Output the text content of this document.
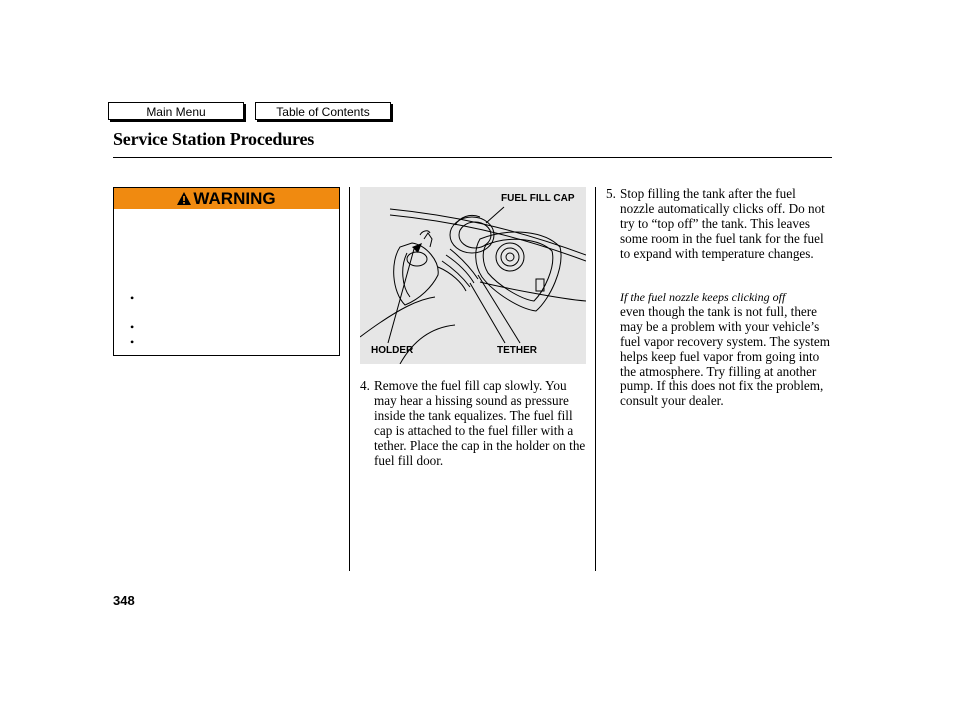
Main Menu	Table of Contents
Service Station Procedures
WARNING
•
•
•
FUEL FILL CAP
HOLDER	TETHER
4. Remove the fuel fill cap slowly. You may hear a hissing sound as pressure inside the tank equalizes. The fuel fill cap is attached to the fuel filler with a tether. Place the cap in the holder on the fuel fill door.
5. Stop filling the tank after the fuel nozzle automatically clicks off. Do not try to “top off” the tank. This leaves some room in the fuel tank for the fuel to expand with temperature changes.
If the fuel nozzle keeps clicking off
even though the tank is not full, there may be a problem with your vehicle’s fuel vapor recovery system. The system helps keep fuel vapor from going into the atmosphere. Try filling at another pump. If this does not fix the problem, consult your dealer.
348
